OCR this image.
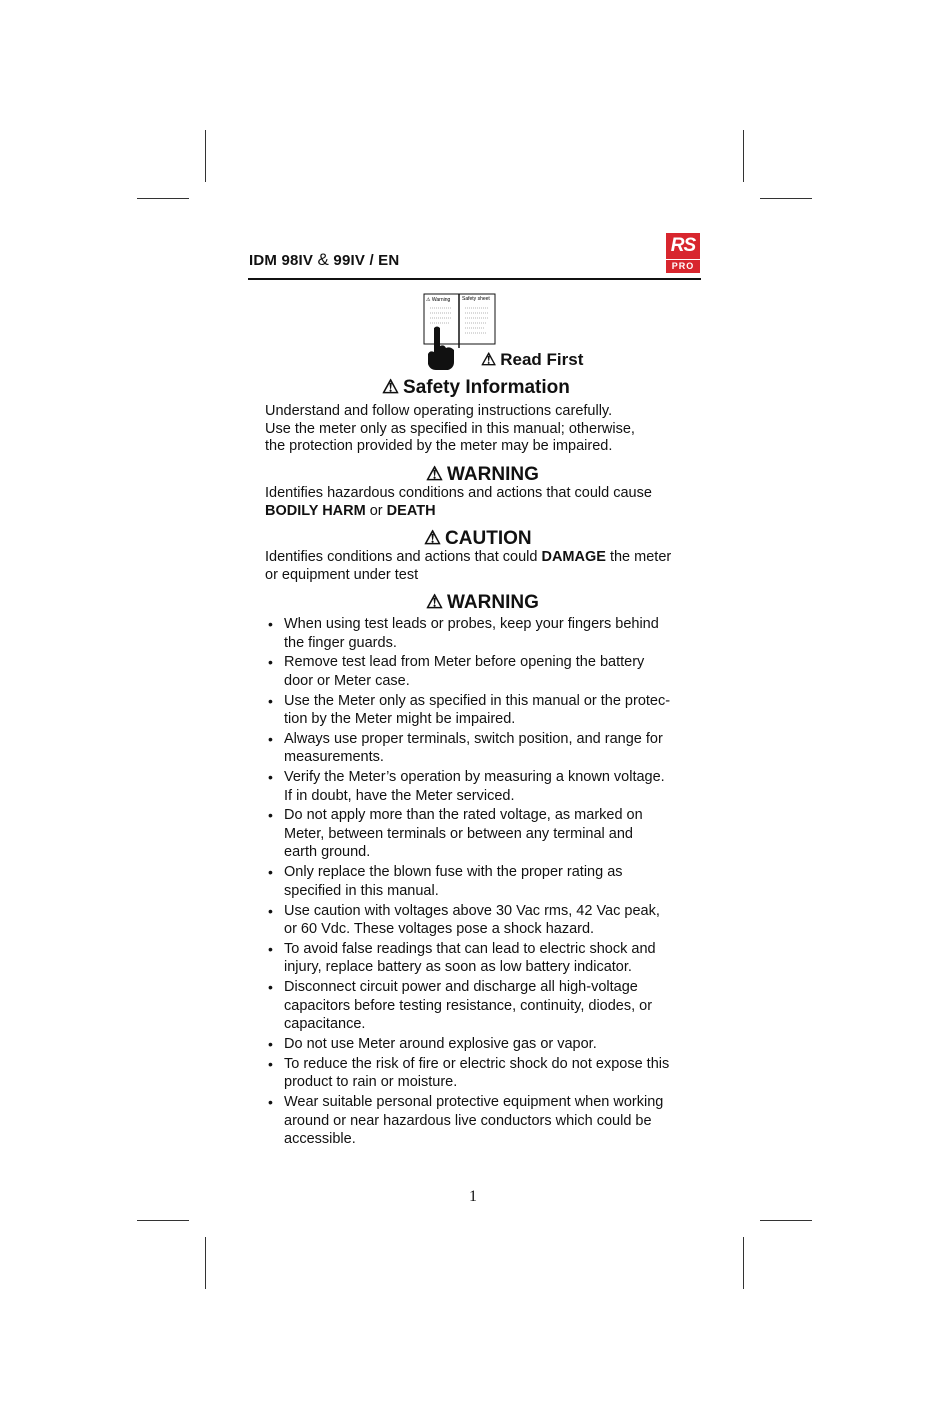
IDM 98IV & 99IV / EN
RS
PRO
⚠ Warning Safety sheet
⚠ Read First
⚠ Safety Information
Understand and follow operating instructions carefully.
Use the meter only as specified in this manual; otherwise,
the protection provided by the meter may be impaired.
⚠ WARNING
Identifies hazardous conditions and actions that could cause
BODILY HARM or DEATH
⚠ CAUTION
Identifies conditions and actions that could DAMAGE the meter
or equipment under test
⚠ WARNING
• When using test leads or probes, keep your fingers behind
the finger guards.
• Remove test lead from Meter before opening the battery
door or Meter case.
• Use the Meter only as specified in this manual or the protec-
tion by the Meter might be impaired.
• Always use proper terminals, switch position, and range for
measurements.
• Verify the Meter’s operation by measuring a known voltage.
If in doubt, have the Meter serviced.
• Do not apply more than the rated voltage, as marked on
Meter, between terminals or between any terminal and
earth ground.
• Only replace the blown fuse with the proper rating as
specified in this manual.
• Use caution with voltages above 30 Vac rms, 42 Vac peak,
or 60 Vdc. These voltages pose a shock hazard.
• To avoid false readings that can lead to electric shock and
injury, replace battery as soon as low battery indicator.
• Disconnect circuit power and discharge all high-voltage
capacitors before testing resistance, continuity, diodes, or
capacitance.
• Do not use Meter around explosive gas or vapor.
• To reduce the risk of fire or electric shock do not expose this
product to rain or moisture.
• Wear suitable personal protective equipment when working
around or near hazardous live conductors which could be
accessible.
1
